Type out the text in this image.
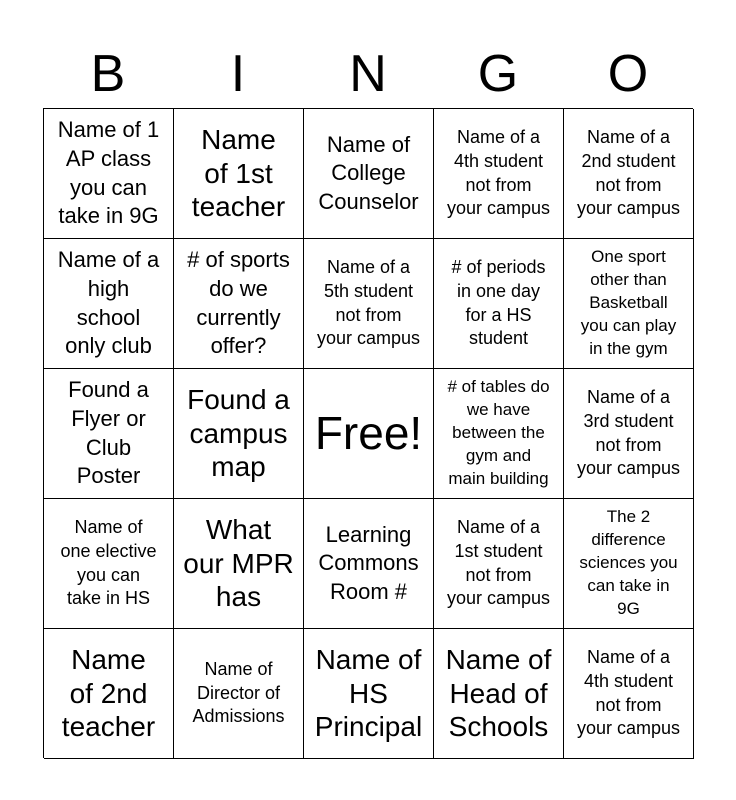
B	I	N	G	O
Name of 1
AP class
you can
take in 9G
Name
of 1st
teacher
Name of
College
Counselor
Name of a
4th student
not from
your campus
Name of a
2nd student
not from
your campus
Name of a
high
school
only club
# of sports
do we
currently
offer?
Name of a
5th student
not from
your campus
# of periods
in one day
for a HS
student
One sport
other than
Basketball
you can play
in the gym
Found a
Flyer or
Club
Poster
Found a
campus
map
Free!
# of tables do
we have
between the
gym and
main building
Name of a
3rd student
not from
your campus
Name of
one elective
you can
take in HS
What
our MPR
has
Learning
Commons
Room #
Name of a
1st student
not from
your campus
The 2
difference
sciences you
can take in
9G
Name
of 2nd
teacher
Name of
Director of
Admissions
Name of
HS
Principal
Name of
Head of
Schools
Name of a
4th student
not from
your campus
